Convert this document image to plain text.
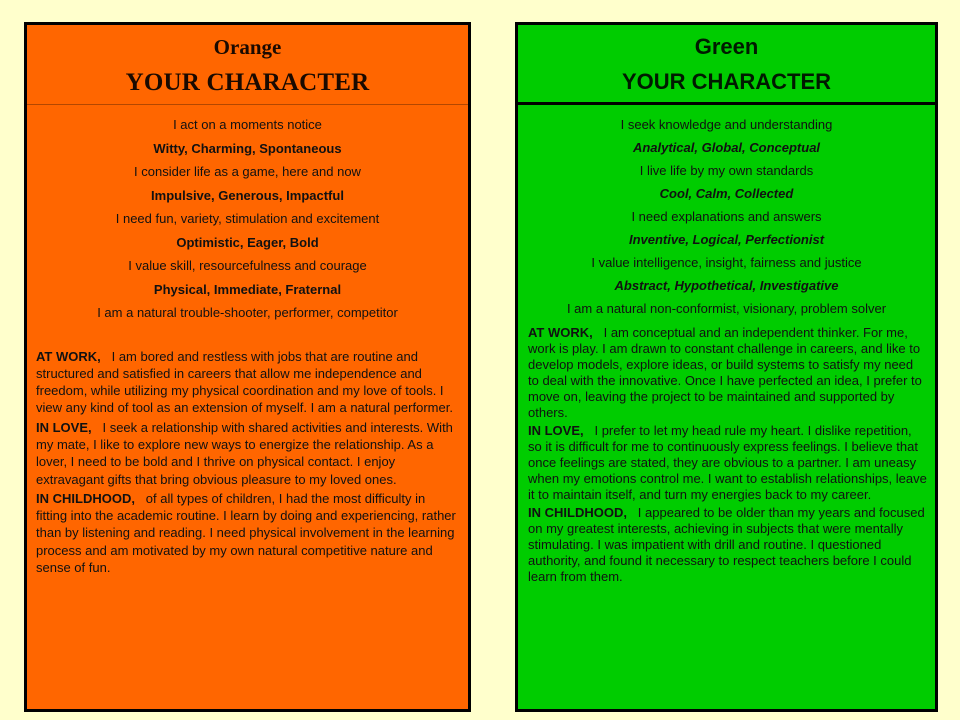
Orange
YOUR CHARACTER
I act on a moments notice
Witty, Charming, Spontaneous
I consider life as a game, here and now
Impulsive, Generous, Impactful
I need fun, variety, stimulation and excitement
Optimistic, Eager, Bold
I value skill, resourcefulness and courage
Physical, Immediate, Fraternal
I am a natural trouble-shooter, performer, competitor
AT WORK, I am bored and restless with jobs that are routine and structured and satisfied in careers that allow me independence and freedom, while utilizing my physical coordination and my love of tools. I view any kind of tool as an extension of myself. I am a natural performer.
IN LOVE, I seek a relationship with shared activities and interests. With my mate, I like to explore new ways to energize the relationship. As a lover, I need to be bold and I thrive on physical contact. I enjoy extravagant gifts that bring obvious pleasure to my loved ones.
IN CHILDHOOD, of all types of children, I had the most difficulty in fitting into the academic routine. I learn by doing and experiencing, rather than by listening and reading. I need physical involvement in the learning process and am motivated by my own natural competitive nature and sense of fun.
Green
YOUR CHARACTER
I seek knowledge and understanding
Analytical, Global, Conceptual
I live life by my own standards
Cool, Calm, Collected
I need explanations and answers
Inventive, Logical, Perfectionist
I value intelligence, insight, fairness and justice
Abstract, Hypothetical, Investigative
I am a natural non-conformist, visionary, problem solver
AT WORK, I am conceptual and an independent thinker. For me, work is play. I am drawn to constant challenge in careers, and like to develop models, explore ideas, or build systems to satisfy my need to deal with the innovative. Once I have perfected an idea, I prefer to move on, leaving the project to be maintained and supported by others.
IN LOVE, I prefer to let my head rule my heart. I dislike repetition, so it is difficult for me to continuously express feelings. I believe that once feelings are stated, they are obvious to a partner. I am uneasy when my emotions control me. I want to establish relationships, leave it to maintain itself, and turn my energies back to my career.
IN CHILDHOOD, I appeared to be older than my years and focused on my greatest interests, achieving in subjects that were mentally stimulating. I was impatient with drill and routine. I questioned authority, and found it necessary to respect teachers before I could learn from them.
